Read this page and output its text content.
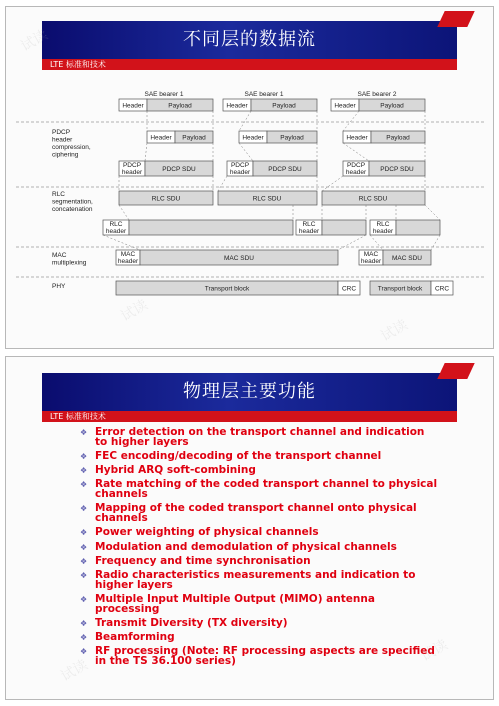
不同层的数据流
LTE 标准和技术
PDCP header compression, ciphering
RLC segmentation, concatenation
MAC multiplexing
PHY
SAE bearer 1	SAE bearer 1	SAE bearer 2
Header	Payload	Header	Payload	Header	Payload
Header Payload	Header	Payload	Header	Payload
PDCP header	PDCP SDU
PDCP header	PDCP SDU
PDCP header PDCP SDU
RLC SDU	RLC SDU	RLC SDU
RLC header
RLC header
RLC header
MAC header	MAC SDU
MAC header MAC SDU
Transport block	CRC	Transport block CRC
物理层主要功能
LTE 标准和技术
❖ Error detection on the transport channel and indication to higher layers
❖ FEC encoding/decoding of the transport channel
❖ Hybrid ARQ soft-combining
❖ Rate matching of the coded transport channel to physical channels
❖ Mapping of the coded transport channel onto physical channels
❖ Power weighting of physical channels
❖ Modulation and demodulation of physical channels
❖ Frequency and time synchronisation
❖ Radio characteristics measurements and indication to higher layers
❖ Multiple Input Multiple Output (MIMO) antenna processing
❖ Transmit Diversity (TX diversity)
❖ Beamforming
❖ RF processing (Note: RF processing aspects are specified in the TS 36.100 series)
